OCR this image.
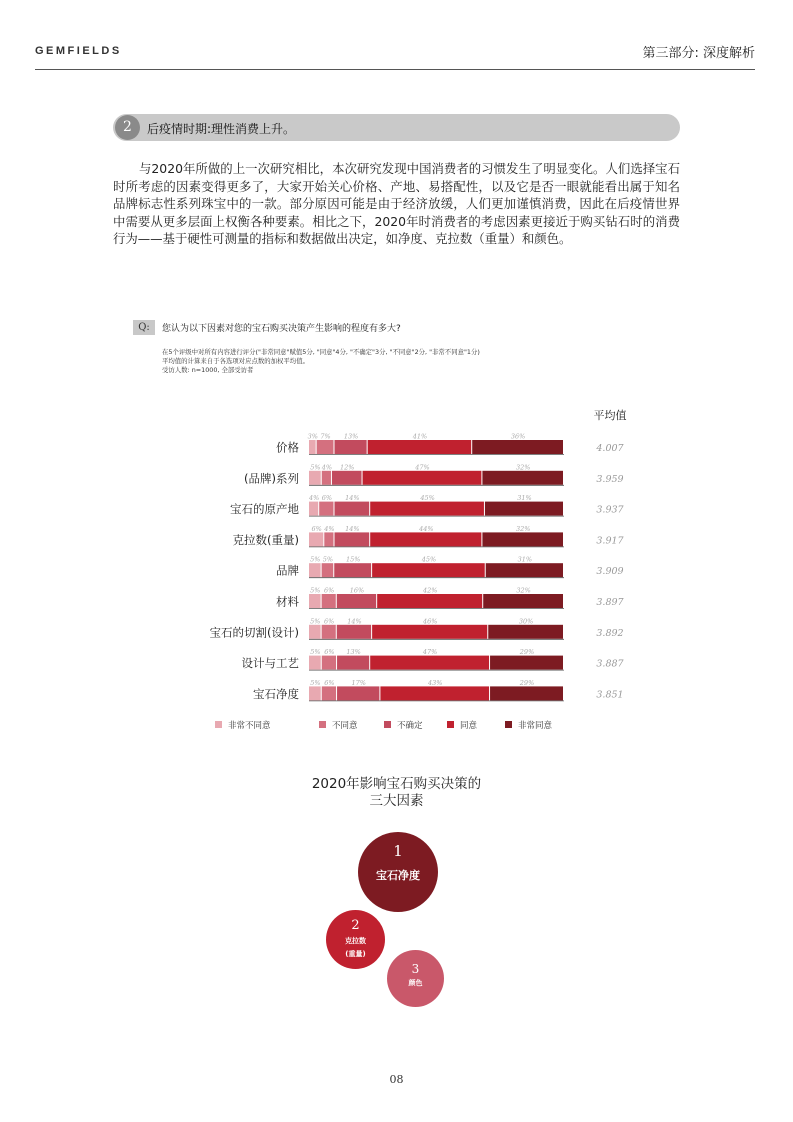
GEMFIELDS	第三部分: 深度解析
2	后疫情时期:理性消费上升。

与2020年所做的上一次研究相比，本次研究发现中国消费者的习惯发生了明显变化。人们选择宝石时所考虑的因素变得更多了，大家开始关心价格、产地、易搭配性，以及它是否一眼就能看出属于知名品牌标志性系列珠宝中的一款。部分原因可能是由于经济放缓，人们更加谨慎消费，因此在后疫情世界中需要从更多层面上权衡各种要素。相比之下，2020年时消费者的考虑因素更接近于购买钻石时的消费行为——基于硬性可测量的指标和数据做出决定，如净度、克拉数（重量）和颜色。

Q:	您认为以下因素对您的宝石购买决策产生影响的程度有多大?
在5个评级中对所有内容进行评分("非常同意"赋值5分, "同意"4分, "不确定"3分, "不同意"2分, "非常不同意"1分)
平均值的计算来自于各选项对应点数的加权平均值。
受访人数: n=1000, 全部受访者
平均值
价格
3% 7% 13%	41%	36%
4.007
(品牌)系列
5% 4% 12%	47%	32%
3.959
宝石的原产地
4% 6% 14%	45%	31%
3.937
克拉数(重量)
6% 4% 14%	44%	32%
3.917
品牌
5% 5% 15%	45%	31%
3.909
材料
5% 6% 16%	42%	32%
3.897
宝石的切割(设计)
5% 6% 14%	46%	30%
3.892
设计与工艺
5% 6% 13%	47%	29%
3.887
宝石净度
5% 6%	17%	43%	29%
3.851
非常不同意	不同意	不确定	同意	非常同意
2020年影响宝石购买决策的
三大因素
1
宝石净度
2
克拉数
(重量)
3
颜色
08
